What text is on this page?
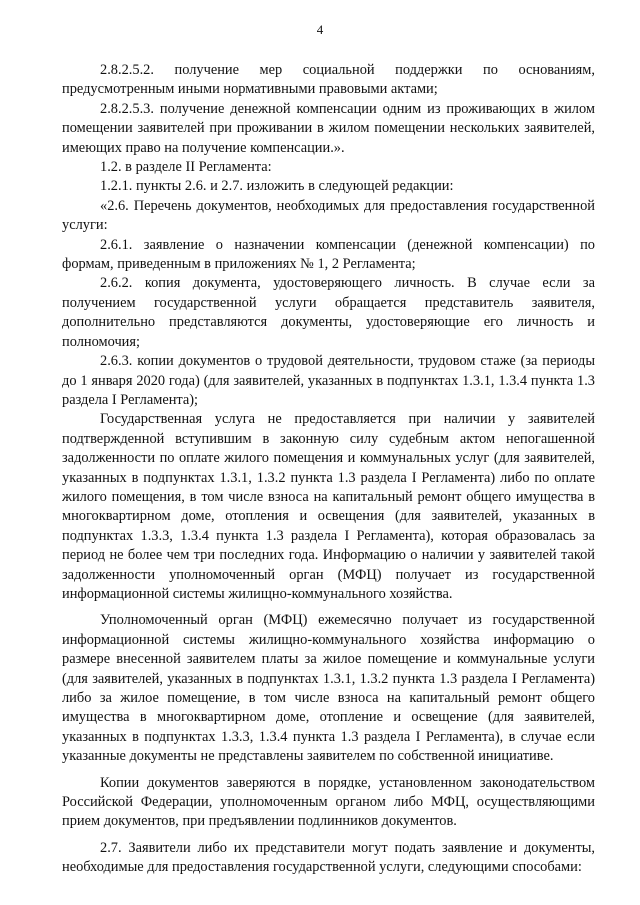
4

2.8.2.5.2. получение мер социальной поддержки по основаниям, предусмотренным иными нормативными правовыми актами;

2.8.2.5.3. получение денежной компенсации одним из проживающих в жилом помещении заявителей при проживании в жилом помещении нескольких заявителей, имеющих право на получение компенсации.».

1.2. в разделе II Регламента:

1.2.1. пункты 2.6. и 2.7. изложить в следующей редакции:

«2.6. Перечень документов, необходимых для предоставления государственной услуги:

2.6.1. заявление о назначении компенсации (денежной компенсации) по формам, приведенным в приложениях № 1, 2 Регламента;

2.6.2. копия документа, удостоверяющего личность. В случае если за получением государственной услуги обращается представитель заявителя, дополнительно представляются документы, удостоверяющие его личность и полномочия;

2.6.3. копии документов о трудовой деятельности, трудовом стаже (за периоды до 1 января 2020 года) (для заявителей, указанных в подпунктах 1.3.1, 1.3.4 пункта 1.3 раздела I Регламента);

Государственная услуга не предоставляется при наличии у заявителей подтвержденной вступившим в законную силу судебным актом непогашенной задолженности по оплате жилого помещения и коммунальных услуг (для заявителей, указанных в подпунктах 1.3.1, 1.3.2 пункта 1.3 раздела I Регламента) либо по оплате жилого помещения, в том числе взноса на капитальный ремонт общего имущества в многоквартирном доме, отопления и освещения (для заявителей, указанных в подпунктах 1.3.3, 1.3.4 пункта 1.3 раздела I Регламента), которая образовалась за период не более чем три последних года. Информацию о наличии у заявителей такой задолженности уполномоченный орган (МФЦ) получает из государственной информационной системы жилищно-коммунального хозяйства.

Уполномоченный орган (МФЦ) ежемесячно получает из государственной информационной системы жилищно-коммунального хозяйства информацию о размере внесенной заявителем платы за жилое помещение и коммунальные услуги (для заявителей, указанных в подпунктах 1.3.1, 1.3.2 пункта 1.3 раздела I Регламента) либо за жилое помещение, в том числе взноса на капитальный ремонт общего имущества в многоквартирном доме, отопление и освещение (для заявителей, указанных в подпунктах 1.3.3, 1.3.4 пункта 1.3 раздела I Регламента), в случае если указанные документы не представлены заявителем по собственной инициативе.

Копии документов заверяются в порядке, установленном законодательством Российской Федерации, уполномоченным органом либо МФЦ, осуществляющими прием документов, при предъявлении подлинников документов.

2.7. Заявители либо их представители могут подать заявление и документы, необходимые для предоставления государственной услуги, следующими способами:
